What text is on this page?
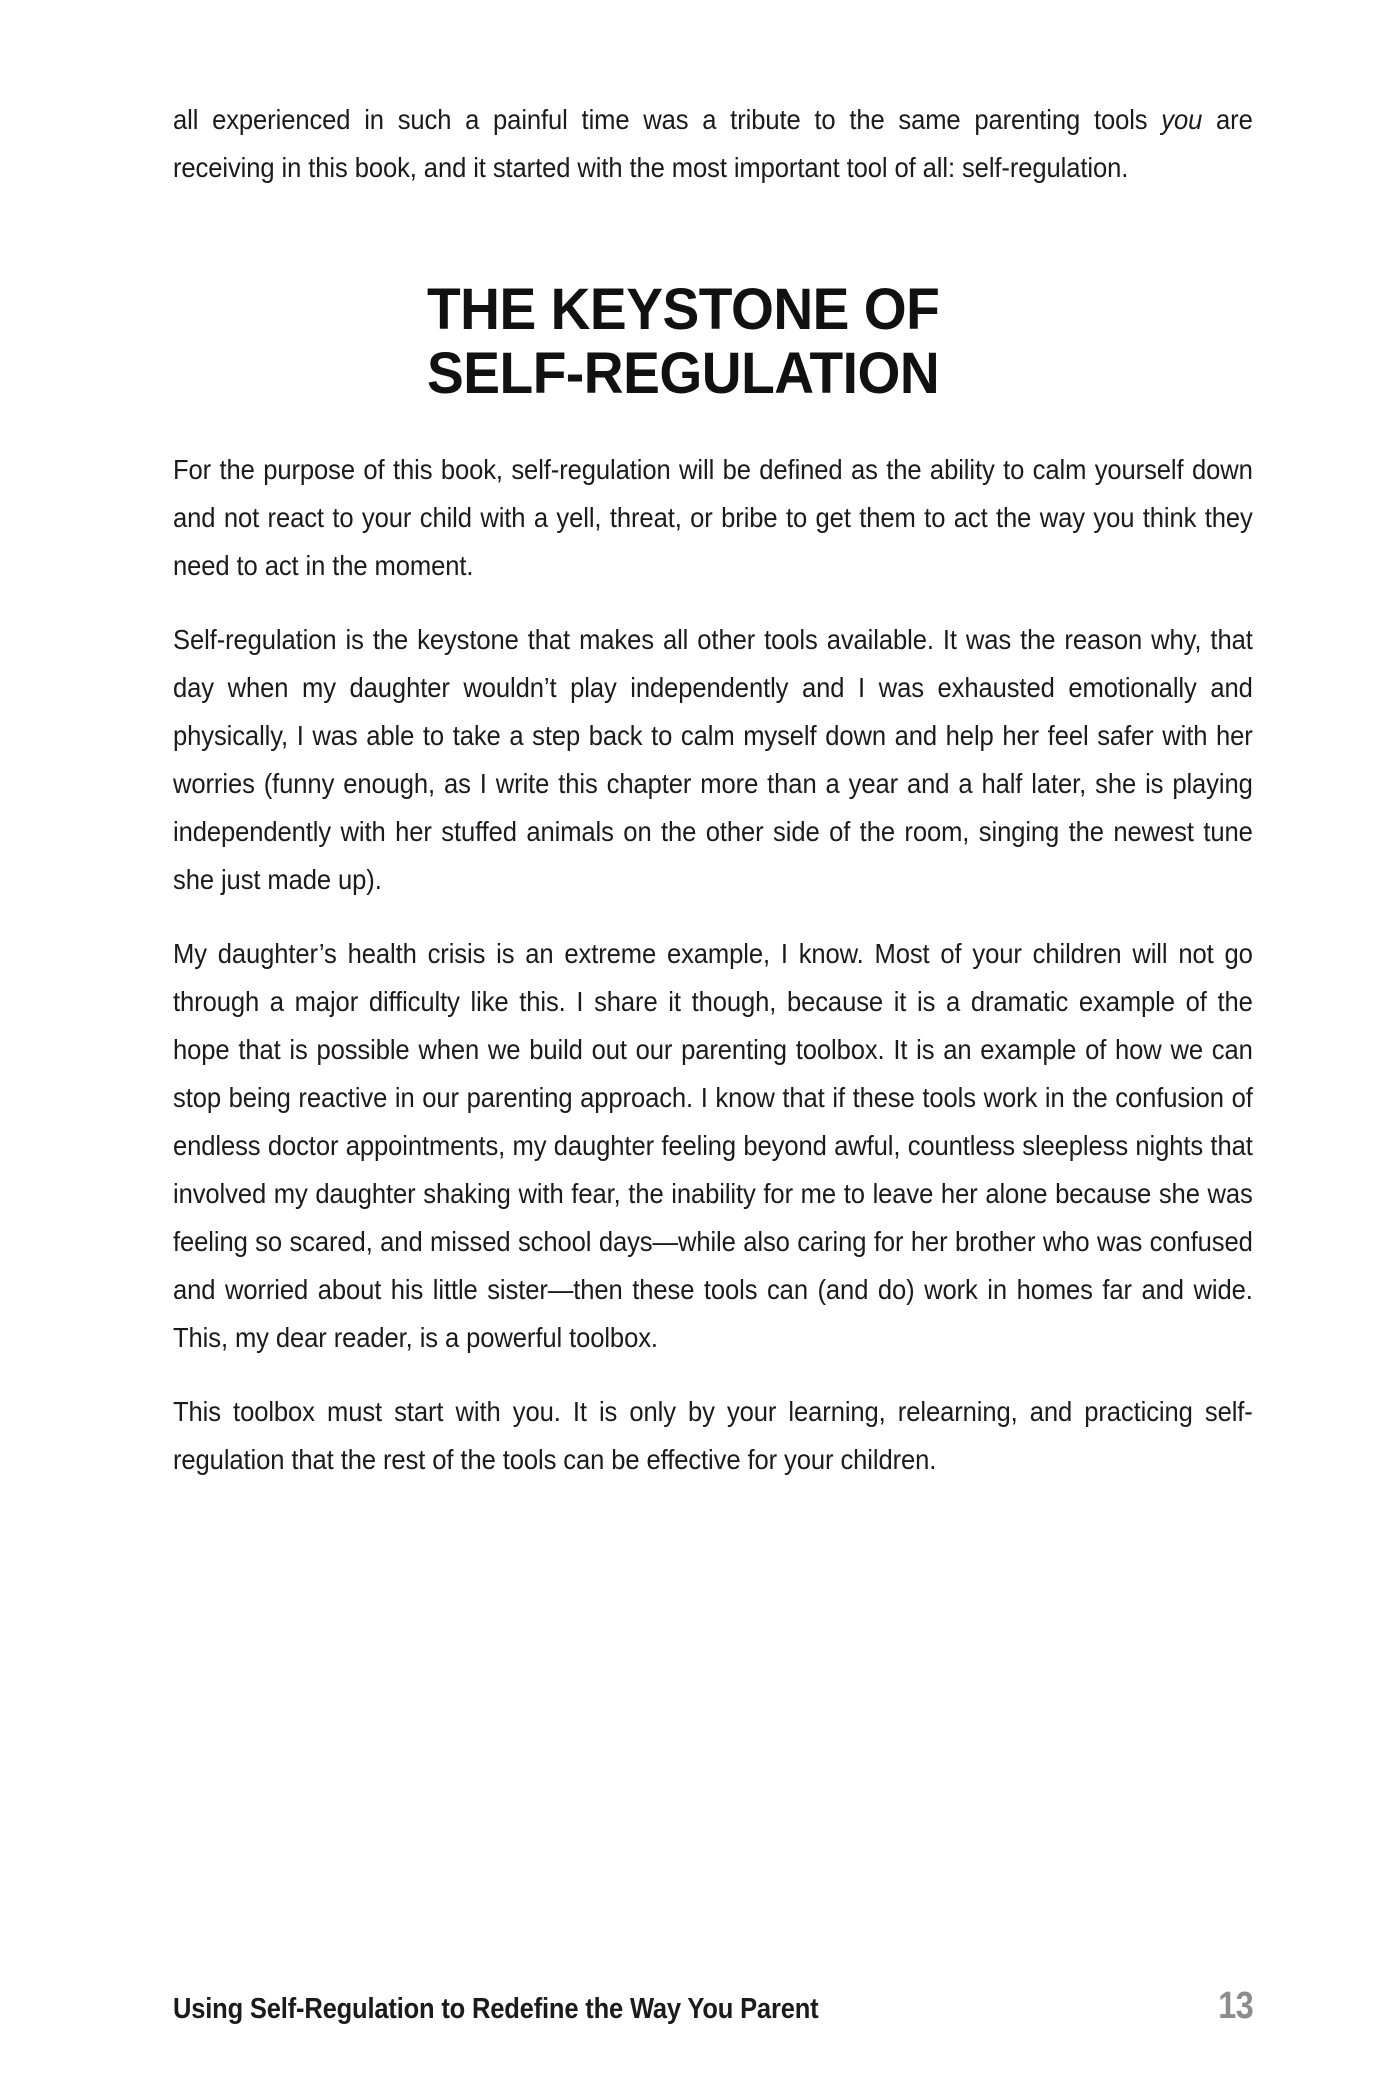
all experienced in such a painful time was a tribute to the same parenting tools you are receiving in this book, and it started with the most important tool of all: self-regulation.

THE KEYSTONE OF
SELF-REGULATION

For the purpose of this book, self-regulation will be defined as the ability to calm yourself down and not react to your child with a yell, threat, or bribe to get them to act the way you think they need to act in the moment.

Self-regulation is the keystone that makes all other tools available. It was the reason why, that day when my daughter wouldn’t play independently and I was exhausted emotionally and physically, I was able to take a step back to calm myself down and help her feel safer with her worries (funny enough, as I write this chapter more than a year and a half later, she is playing independently with her stuffed animals on the other side of the room, singing the newest tune she just made up).

My daughter’s health crisis is an extreme example, I know. Most of your children will not go through a major difficulty like this. I share it though, because it is a dramatic example of the hope that is possible when we build out our parenting toolbox. It is an example of how we can stop being reactive in our parenting approach. I know that if these tools work in the confusion of endless doctor appointments, my daughter feeling beyond awful, countless sleepless nights that involved my daughter shaking with fear, the inability for me to leave her alone because she was feeling so scared, and missed school days—while also caring for her brother who was confused and worried about his little sister—then these tools can (and do) work in homes far and wide. This, my dear reader, is a powerful toolbox.

This toolbox must start with you. It is only by your learning, relearning, and practicing self-regulation that the rest of the tools can be effective for your children.

Using Self-Regulation to Redefine the Way You Parent	13
